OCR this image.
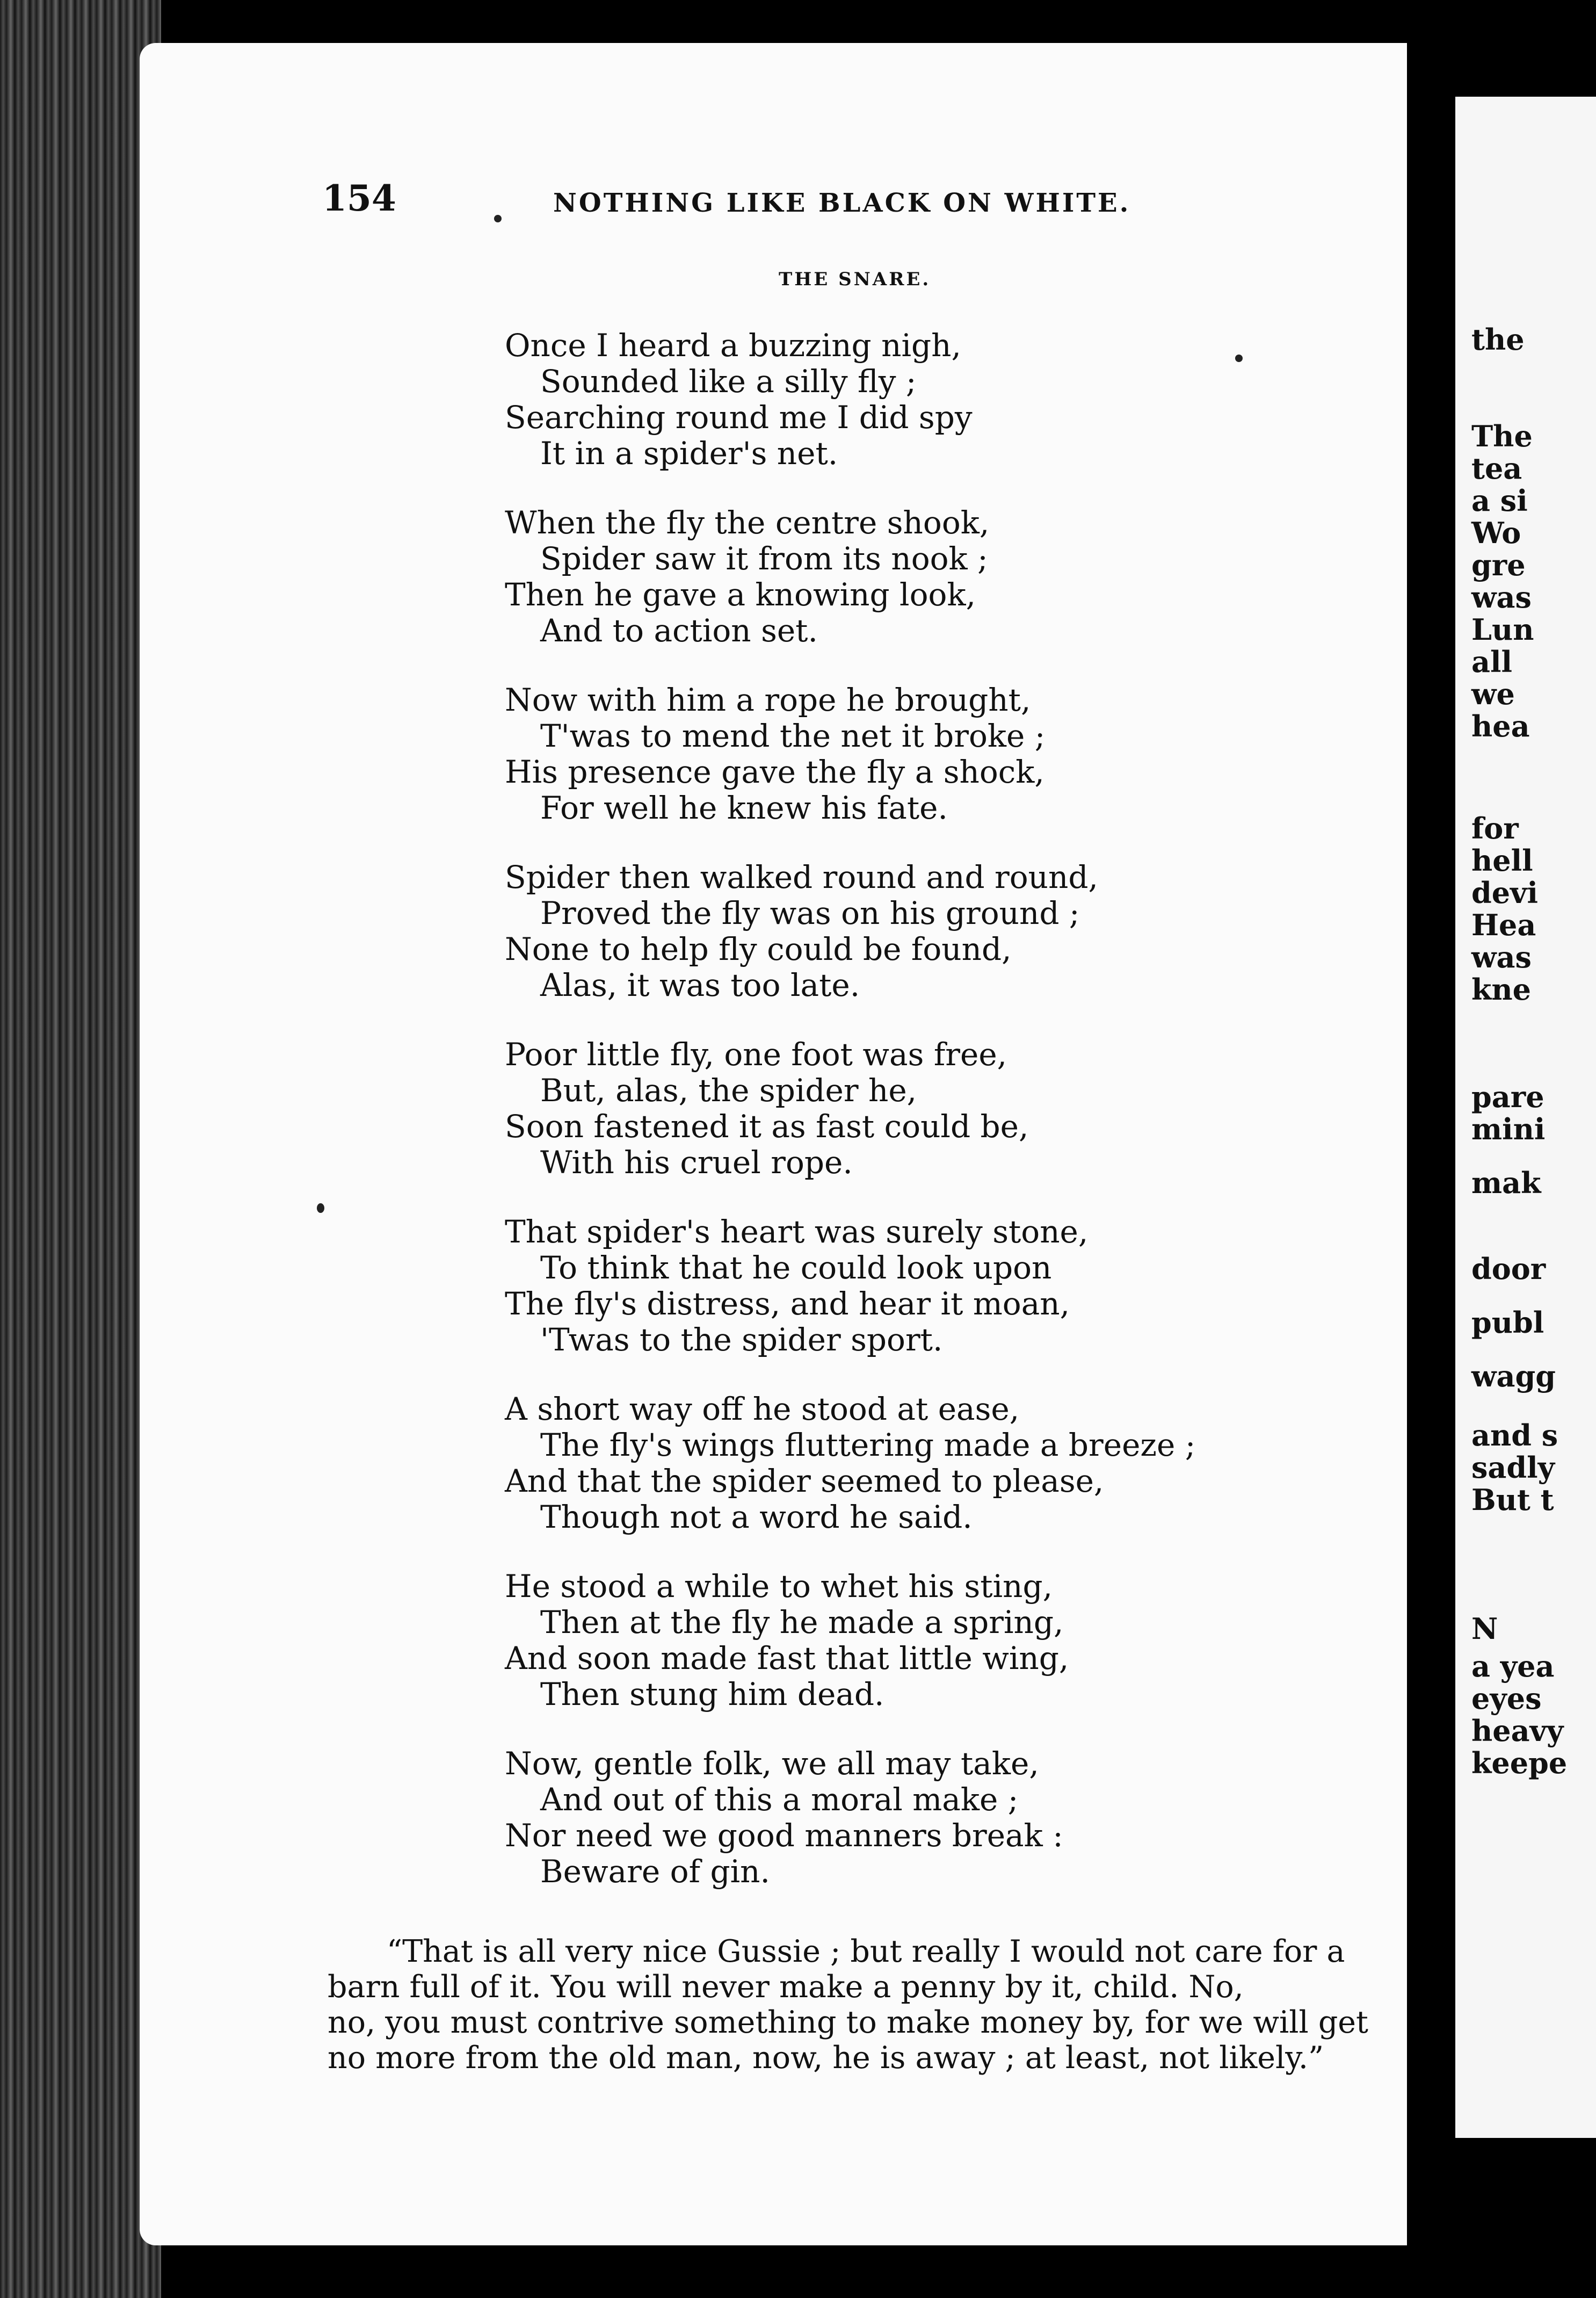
the
The
tea
a si
Wo
gre
was
Lun
all
we
hea
for
hell
devi
Hea
was
kne
pare
mini
mak
door
publ
wagg
and s
sadly
But t
N
a yea
eyes
heavy
keepe
154	NOTHING LIKE BLACK ON WHITE.
THE SNARE.
Once I heard a buzzing nigh,
Sounded like a silly fly ;
Searching round me I did spy
It in a spider's net.
When the fly the centre shook,
Spider saw it from its nook ;
Then he gave a knowing look,
And to action set.
Now with him a rope he brought,
T'was to mend the net it broke ;
His presence gave the fly a shock,
For well he knew his fate.
Spider then walked round and round,
Proved the fly was on his ground ;
None to help fly could be found,
Alas, it was too late.
Poor little fly, one foot was free,
But, alas, the spider he,
Soon fastened it as fast could be,
With his cruel rope.
That spider's heart was surely stone,
To think that he could look upon
The fly's distress, and hear it moan,
'Twas to the spider sport.
A short way off he stood at ease,
The fly's wings fluttering made a breeze ;
And that the spider seemed to please,
Though not a word he said.
He stood a while to whet his sting,
Then at the fly he made a spring,
And soon made fast that little wing,
Then stung him dead.
Now, gentle folk, we all may take,
And out of this a moral make ;
Nor need we good manners break :
Beware of gin.
“That is all very nice Gussie ; but really I would not care for a
barn full of it. You will never make a penny by it, child. No,
no, you must contrive something to make money by, for we will get
no more from the old man, now, he is away ; at least, not likely.”
